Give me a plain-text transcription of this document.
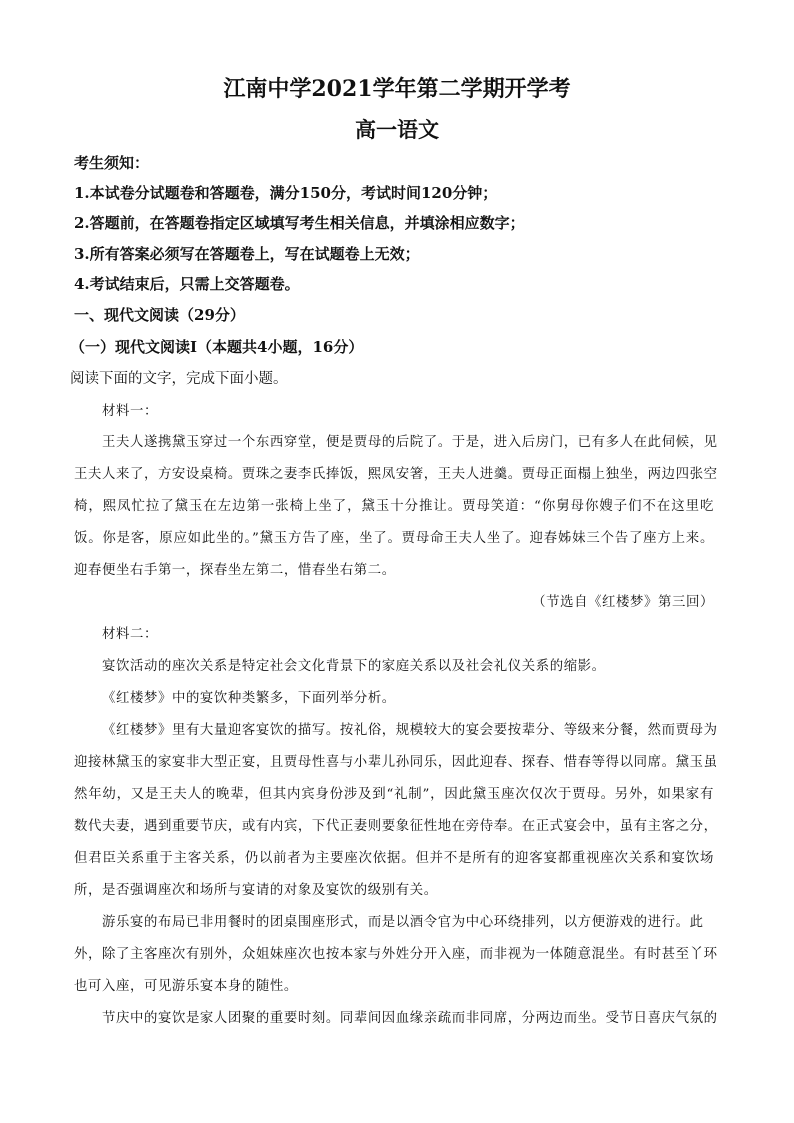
江南中学2021学年第二学期开学考
高一语文
考生须知：
1.本试卷分试题卷和答题卷，满分150分，考试时间120分钟；
2.答题前，在答题卷指定区域填写考生相关信息，并填涂相应数字；
3.所有答案必须写在答题卷上，写在试题卷上无效；
4.考试结束后，只需上交答题卷。
一、现代文阅读（29分）
（一）现代文阅读Ⅰ（本题共4小题，16分）
阅读下面的文字，完成下面小题。
材料一：
王夫人遂携黛玉穿过一个东西穿堂，便是贾母的后院了。于是，进入后房门，已有多人在此伺候，见
王夫人来了，方安设桌椅。贾珠之妻李氏捧饭，熙凤安箸，王夫人进羹。贾母正面榻上独坐，两边四张空
椅，熙凤忙拉了黛玉在左边第一张椅上坐了，黛玉十分推让。贾母笑道：“你舅母你嫂子们不在这里吃
饭。你是客，原应如此坐的。”黛玉方告了座，坐了。贾母命王夫人坐了。迎春姊妹三个告了座方上来。
迎春便坐右手第一，探春坐左第二，惜春坐右第二。
（节选自《红楼梦》第三回）
材料二：
宴饮活动的座次关系是特定社会文化背景下的家庭关系以及社会礼仪关系的缩影。
《红楼梦》中的宴饮种类繁多，下面列举分析。
《红楼梦》里有大量迎客宴饮的描写。按礼俗，规模较大的宴会要按辈分、等级来分餐，然而贾母为
迎接林黛玉的家宴非大型正宴，且贾母性喜与小辈儿孙同乐，因此迎春、探春、惜春等得以同席。黛玉虽
然年幼，又是王夫人的晚辈，但其内宾身份涉及到“礼制”，因此黛玉座次仅次于贾母。另外，如果家有
数代夫妻，遇到重要节庆，或有内宾，下代正妻则要象征性地在旁侍奉。在正式宴会中，虽有主客之分，
但君臣关系重于主客关系，仍以前者为主要座次依据。但并不是所有的迎客宴都重视座次关系和宴饮场
所，是否强调座次和场所与宴请的对象及宴饮的级别有关。
游乐宴的布局已非用餐时的团桌围座形式，而是以酒令官为中心环绕排列，以方便游戏的进行。此
外，除了主客座次有别外，众姐妹座次也按本家与外姓分开入座，而非视为一体随意混坐。有时甚至丫环
也可入座，可见游乐宴本身的随性。
节庆中的宴饮是家人团聚的重要时刻。同辈间因血缘亲疏而非同席，分两边而坐。受节日喜庆气氛的
